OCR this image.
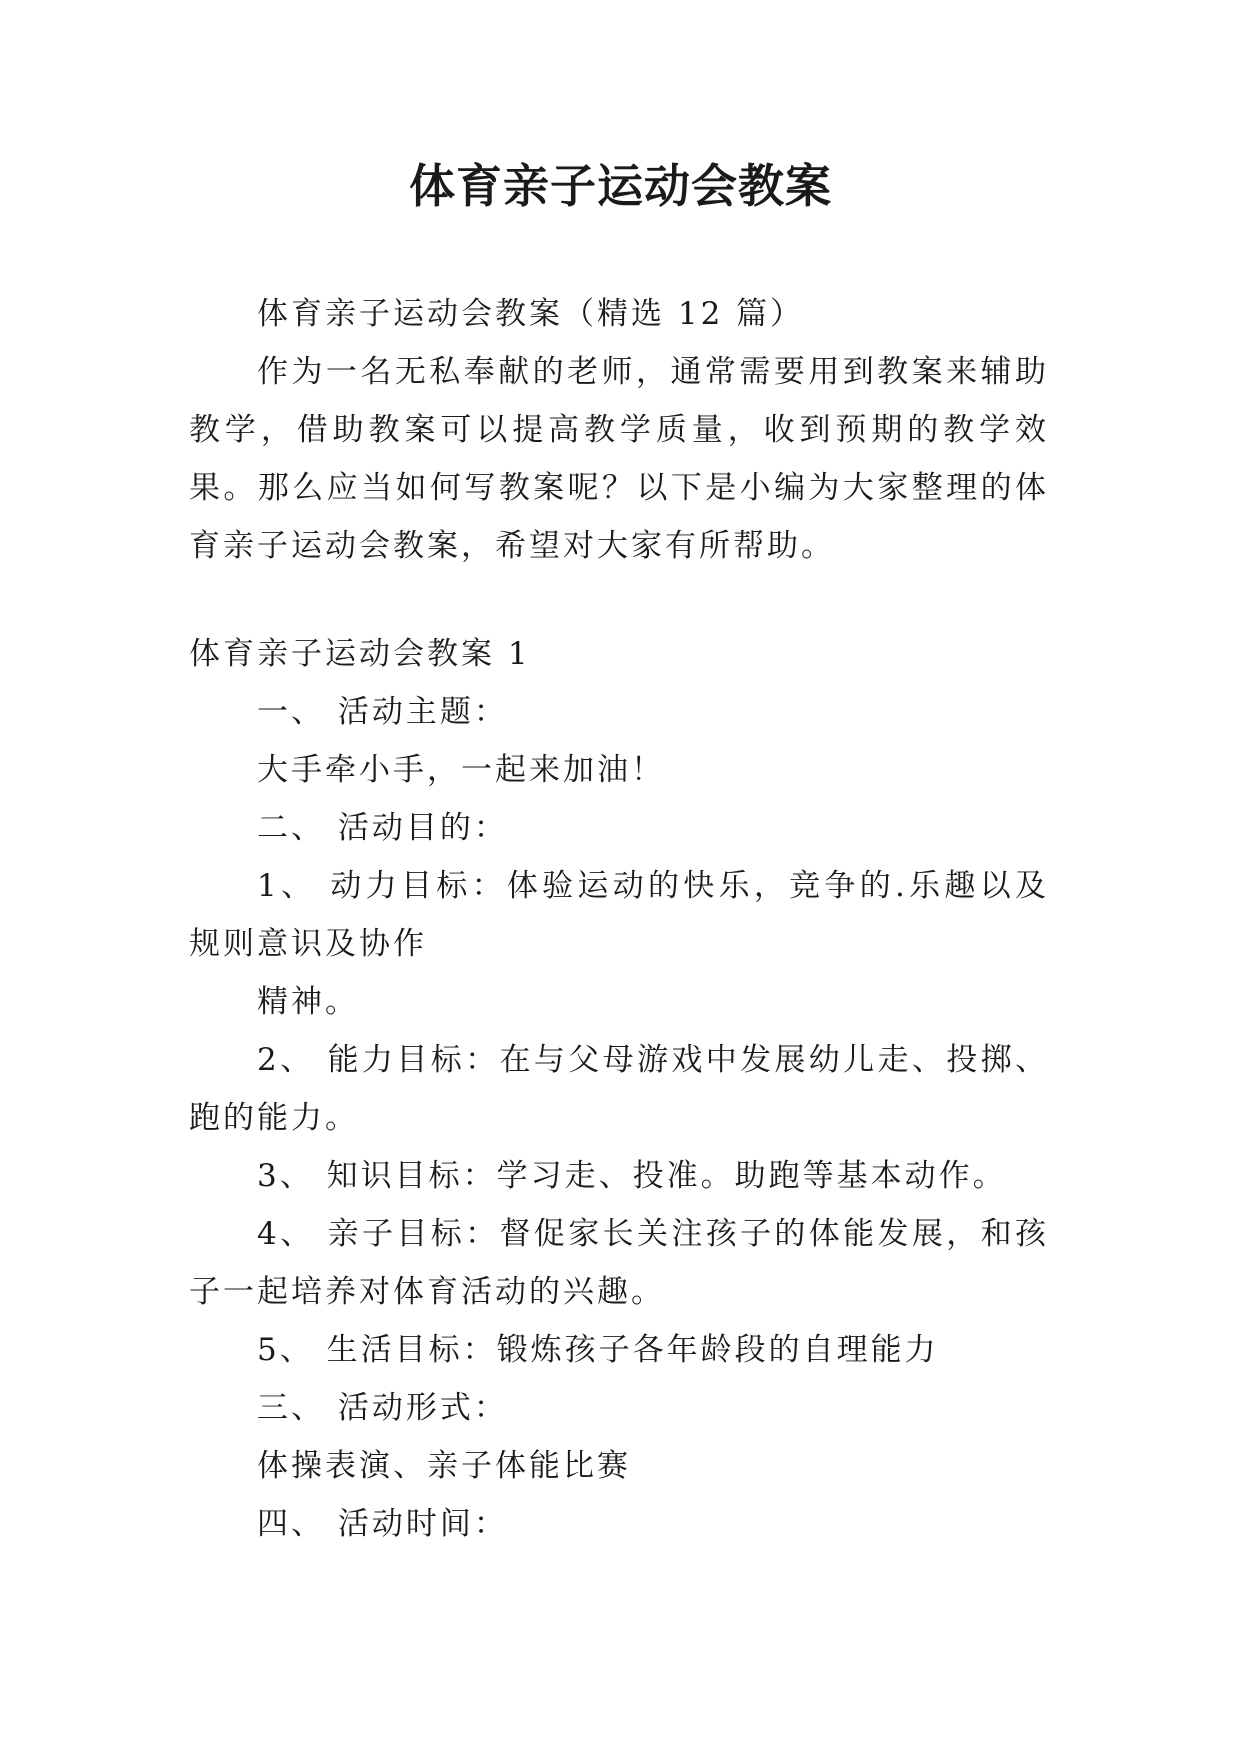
体育亲子运动会教案

体育亲子运动会教案（精选 12 篇）

作为一名无私奉献的老师，通常需要用到教案来辅助教学，借助教案可以提高教学质量，收到预期的教学效果。那么应当如何写教案呢？以下是小编为大家整理的体育亲子运动会教案，希望对大家有所帮助。

体育亲子运动会教案 1

一、 活动主题：

大手牵小手，一起来加油！

二、 活动目的：

1、 动力目标：体验运动的快乐，竞争的.乐趣以及规则意识及协作

精神。

2、 能力目标：在与父母游戏中发展幼儿走、投掷、跑的能力。

3、 知识目标：学习走、投准。助跑等基本动作。

4、 亲子目标：督促家长关注孩子的体能发展，和孩子一起培养对体育活动的兴趣。

5、 生活目标：锻炼孩子各年龄段的自理能力

三、 活动形式：

体操表演、亲子体能比赛

四、 活动时间：
